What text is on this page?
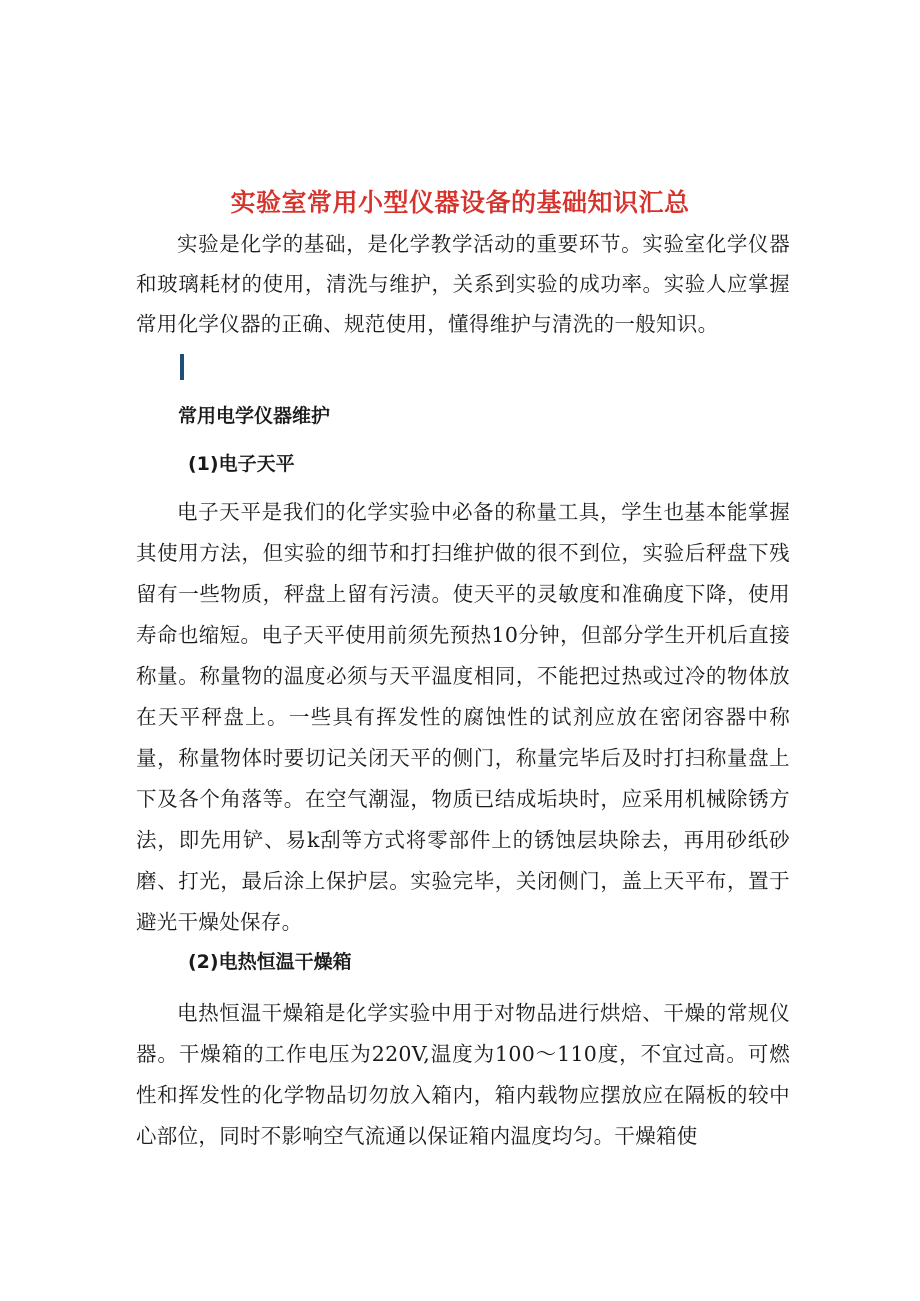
实验室常用小型仪器设备的基础知识汇总

实验是化学的基础，是化学教学活动的重要环节。实验室化学仪器和玻璃耗材的使用，清洗与维护，关系到实验的成功率。实验人应掌握常用化学仪器的正确、规范使用，懂得维护与清洗的一般知识。

常用电学仪器维护
(1)电子天平

电子天平是我们的化学实验中必备的称量工具，学生也基本能掌握其使用方法，但实验的细节和打扫维护做的很不到位，实验后秤盘下残留有一些物质，秤盘上留有污渍。使天平的灵敏度和准确度下降，使用寿命也缩短。电子天平使用前须先预热10分钟，但部分学生开机后直接称量。称量物的温度必须与天平温度相同，不能把过热或过冷的物体放在天平秤盘上。一些具有挥发性的腐蚀性的试剂应放在密闭容器中称量，称量物体时要切记关闭天平的侧门，称量完毕后及时打扫称量盘上下及各个角落等。在空气潮湿，物质已结成垢块时，应采用机械除锈方法，即先用铲、易k刮等方式将零部件上的锈蚀层块除去，再用砂纸砂磨、打光，最后涂上保护层。实验完毕，关闭侧门，盖上天平布，置于避光干燥处保存。

(2)电热恒温干燥箱

电热恒温干燥箱是化学实验中用于对物品进行烘焙、干燥的常规仪器。干燥箱的工作电压为220V,温度为100～110度，不宜过高。可燃性和挥发性的化学物品切勿放入箱内，箱内载物应摆放应在隔板的较中心部位，同时不影响空气流通以保证箱内温度均匀。干燥箱使
